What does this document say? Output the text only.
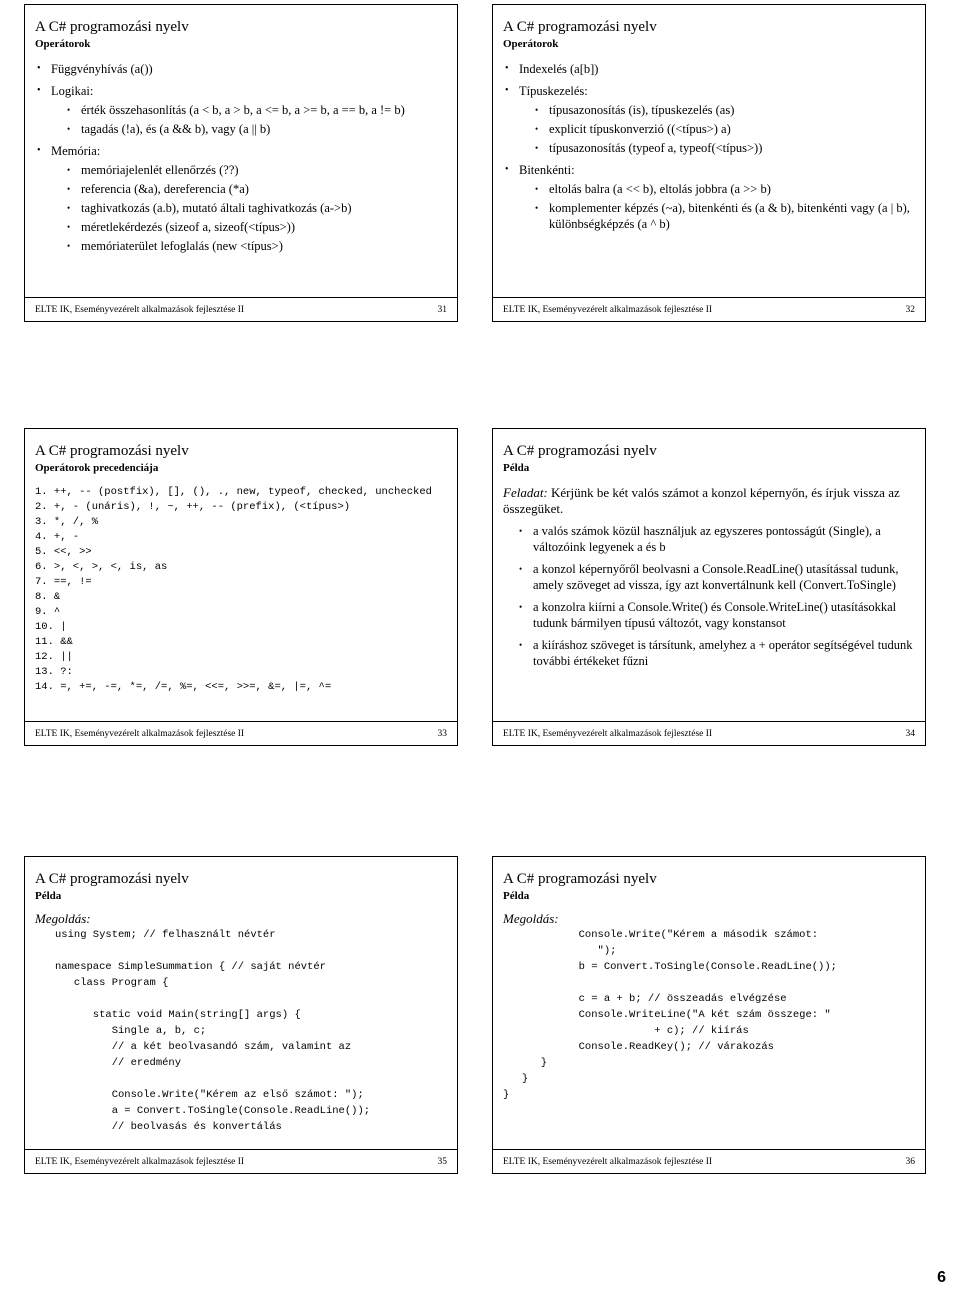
A C# programozási nyelv
Operátorok
• Függvényhívás (a())
• Logikai:
• érték összehasonlítás (a < b, a > b, a <= b, a >= b, a == b, a != b)
• tagadás (!a), és (a && b), vagy (a || b)
• Memória:
• memóriajelenlét ellenőrzés (??)
• referencia (&a), dereferencia (*a)
• taghivatkozás (a.b), mutató általi taghivatkozás (a->b)
• méretlekérdezés (sizeof a, sizeof(<típus>))
• memóriaterület lefoglalás (new <típus>)
ELTE IK, Eseményvezérelt alkalmazások fejlesztése II	31
A C# programozási nyelv
Operátorok
• Indexelés (a[b])
• Típuskezelés:
• típusazonosítás (is), típuskezelés (as)
• explicit típuskonverzió ((<típus>) a)
• típusazonosítás (typeof a, typeof(<típus>))
• Bitenkénti:
• eltolás balra (a << b), eltolás jobbra (a >> b)
• komplementer képzés (~a), bitenkénti és (a & b), bitenkénti vagy (a | b), különbségképzés (a ^ b)
ELTE IK, Eseményvezérelt alkalmazások fejlesztése II	32
A C# programozási nyelv
Operátorok precedenciája
1. ++, -- (postfix), [], (), ., new, typeof, checked, unchecked
2. +, - (unáris), !, ~, ++, -- (prefix), (<típus>)
3. *, /, %
4. +, -
5. <<, >>
6. >, <, >, <, is, as
7. ==, !=
8. &
9. ^
10. |
11. &&
12. ||
13. ?:
14. =, +=, -=, *=, /=, %=, <<=, >>=, &=, |=, ^=
ELTE IK, Eseményvezérelt alkalmazások fejlesztése II	33
A C# programozási nyelv
Példa
Feladat: Kérjünk be két valós számot a konzol képernyőn, és írjuk vissza az összegüket.
• a valós számok közül használjuk az egyszeres pontosságút (Single), a változóink legyenek a és b
• a konzol képernyőről beolvasni a Console.ReadLine() utasítással tudunk, amely szöveget ad vissza, így azt konvertálnunk kell (Convert.ToSingle)
• a konzolra kiírni a Console.Write() és Console.WriteLine() utasításokkal tudunk bármilyen típusú változót, vagy konstansot
• a kiíráshoz szöveget is társítunk, amelyhez a + operátor segítségével tudunk további értékeket fűzni
ELTE IK, Eseményvezérelt alkalmazások fejlesztése II	34
A C# programozási nyelv
Példa
Megoldás:
using System; // felhasznált névtér

namespace SimpleSummation { // saját névtér
class Program {

static void Main(string[] args) {
Single a, b, c;
// a két beolvasandó szám, valamint az
// eredmény

Console.Write("Kérem az első számot: ");
a = Convert.ToSingle(Console.ReadLine());
// beolvasás és konvertálás
ELTE IK, Eseményvezérelt alkalmazások fejlesztése II	35
A C# programozási nyelv
Példa
Megoldás:
Console.Write("Kérem a második számot:
");
b = Convert.ToSingle(Console.ReadLine());

c = a + b; // összeadás elvégzése
Console.WriteLine("A két szám összege: "
+ c); // kiírás
Console.ReadKey(); // várakozás
}
}
}
ELTE IK, Eseményvezérelt alkalmazások fejlesztése II	36
6
